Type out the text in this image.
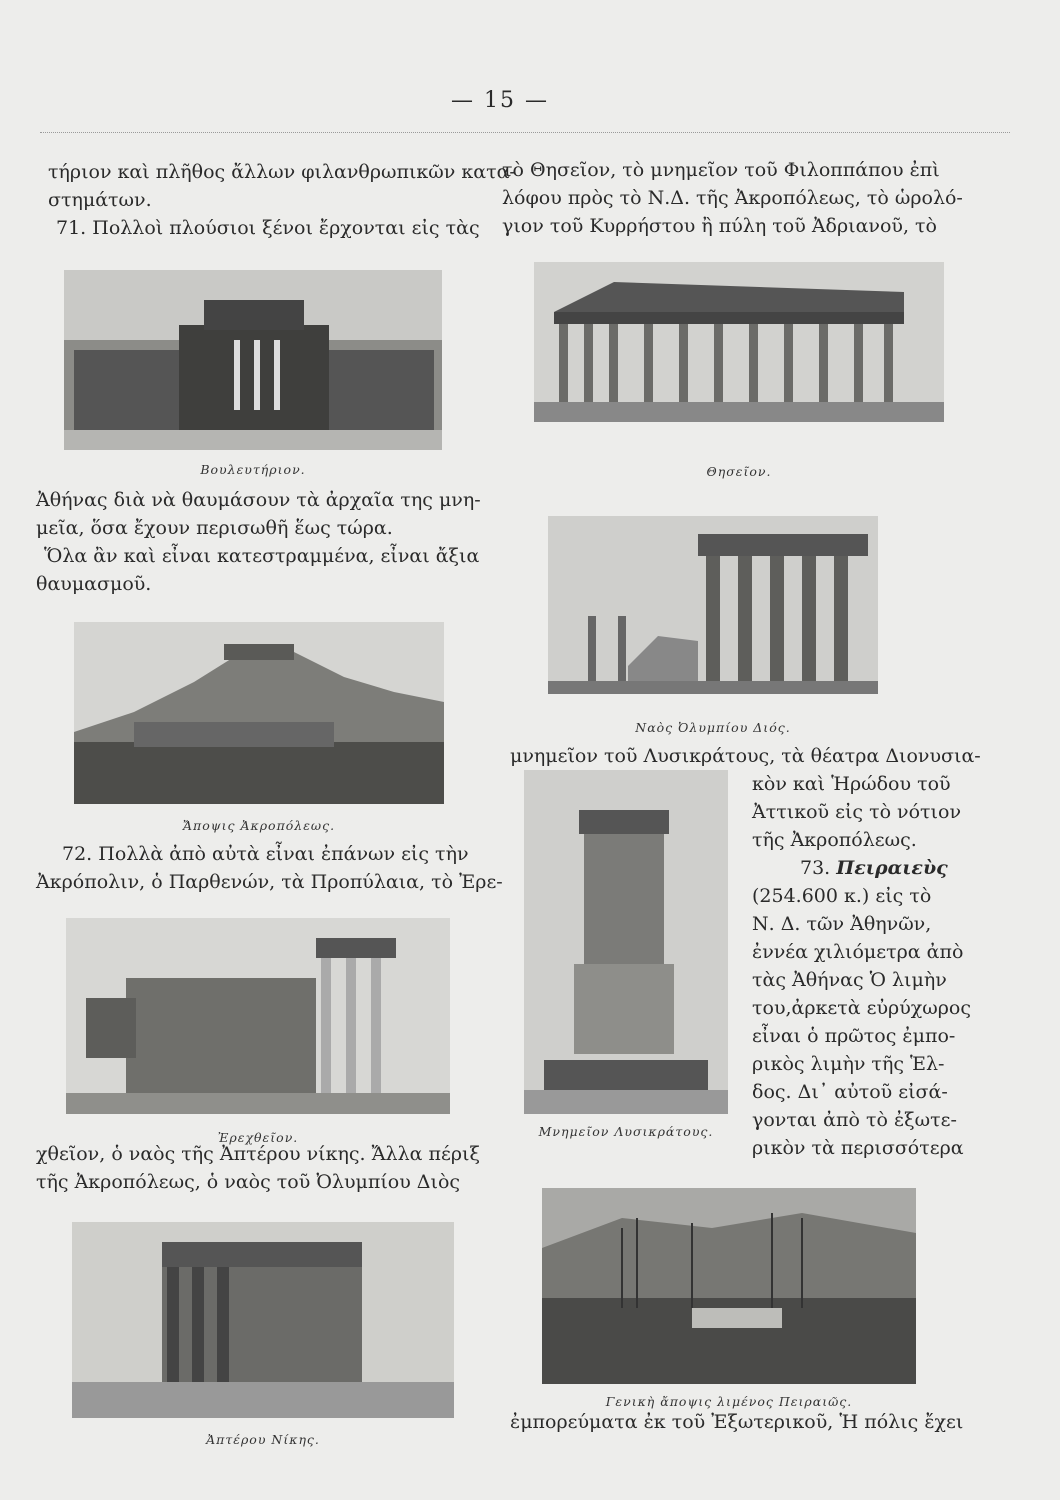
— 15 —
τήριον καὶ πλῆθος ἄλλων φιλανθρωπικῶν κατα-
στημάτων.
71. Πολλοὶ πλούσιοι ξένοι ἔρχονται εἰς τὰς
Βουλευτήριον.
Ἀθήνας διὰ νὰ θαυμάσουν τὰ ἀρχαῖα της μνη-
μεῖα, ὅσα ἔχουν περισωθῆ ἕως τώρα.
Ὅλα ἂν καὶ εἶναι κατεστραμμένα, εἶναι ἄξια
θαυμασμοῦ.
Ἄποψις Ἀκροπόλεως.
72. Πολλὰ ἀπὸ αὐτὰ εἶναι ἐπάνων εἰς τὴν
Ἀκρόπολιν, ὁ Παρθενών, τὰ Προπύλαια, τὸ Ἐρε-
Ἐρεχθεῖον.
χθεῖον, ὁ ναὸς τῆς Ἀπτέρου νίκης. Ἄλλα πέριξ
τῆς Ἀκροπόλεως, ὁ ναὸς τοῦ Ὀλυμπίου Διὸς
Ἀπτέρου Νίκης.
τὸ Θησεῖον, τὸ μνημεῖον τοῦ Φιλοππάπου ἐπὶ
λόφου πρὸς τὸ Ν.Δ. τῆς Ἀκροπόλεως, τὸ ὡρολό-
γιον τοῦ Κυρρήστου ἢ πύλη τοῦ Ἀδριανοῦ, τὸ
Θησεῖον.
Ναὸς Ὀλυμπίου Διός.
μνημεῖον τοῦ Λυσικράτους, τὰ θέατρα Διονυσια-
Μνημεῖον Λυσικράτους.
κὸν καὶ Ἡρώδου τοῦ
Ἀττικοῦ εἰς τὸ νότιον
τῆς Ἀκροπόλεως.
73. Πειραιεὺς
(254.600 κ.) εἰς τὸ
Ν. Δ. τῶν Ἀθηνῶν,
ἐννέα χιλιόμετρα ἀπὸ
τὰς Ἀθήνας Ὁ λιμὴν
του,ἀρκετὰ εὐρύχωρος
εἶναι ὁ πρῶτος ἐμπο-
ρικὸς λιμὴν τῆς Ἑλ-
δος. Δι᾽ αὐτοῦ εἰσά-
γονται ἀπὸ τὸ ἐξωτε-
ρικὸν τὰ περισσότερα
Γενικὴ ἄποψις λιμένος Πειραιῶς.
ἐμπορεύματα ἐκ τοῦ Ἐξωτερικοῦ, Ἡ πόλις ἔχει
